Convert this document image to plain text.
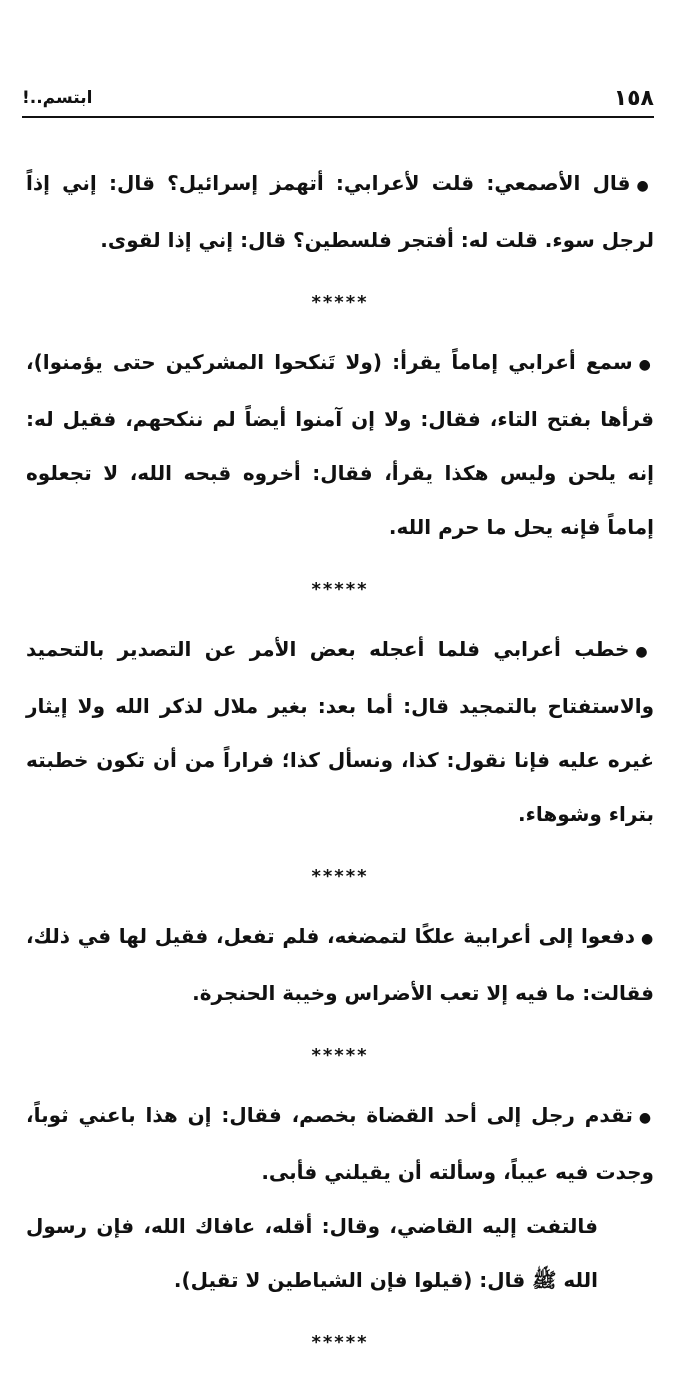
١٥٨
ابتسم..!

●قال الأصمعي: قلت لأعرابي: أتهمز إسرائيل؟ قال: إني إذاً لرجل سوء. قلت له: أفتجر فلسطين؟ قال: إني إذا لقوى.

*****

●سمع أعرابي إماماً يقرأ: (ولا تَنكحوا المشركين حتى يؤمنوا)، قرأها بفتح التاء، فقال: ولا إن آمنوا أيضاً لم ننكحهم، فقيل له: إنه يلحن وليس هكذا يقرأ، فقال: أخروه قبحه الله، لا تجعلوه إماماً فإنه يحل ما حرم الله.

*****

●خطب أعرابي فلما أعجله بعض الأمر عن التصدير بالتحميد والاستفتاح بالتمجيد قال: أما بعد: بغير ملال لذكر الله ولا إيثار غيره عليه فإنا نقول: كذا، ونسأل كذا؛ فراراً من أن تكون خطبته بتراء وشوهاء.

*****

●دفعوا إلى أعرابية علكًا لتمضغه، فلم تفعل، فقيل لها في ذلك، فقالت: ما فيه إلا تعب الأضراس وخيبة الحنجرة.

*****

●تقدم رجل إلى أحد القضاة بخصم، فقال: إن هذا باعني ثوباً، وجدت فيه عيباً، وسألته أن يقيلني فأبى.

فالتفت إليه القاضي، وقال: أقله، عافاك الله، فإن رسول الله ﷺ قال: (قيلوا فإن الشياطين لا تقيل).

*****
